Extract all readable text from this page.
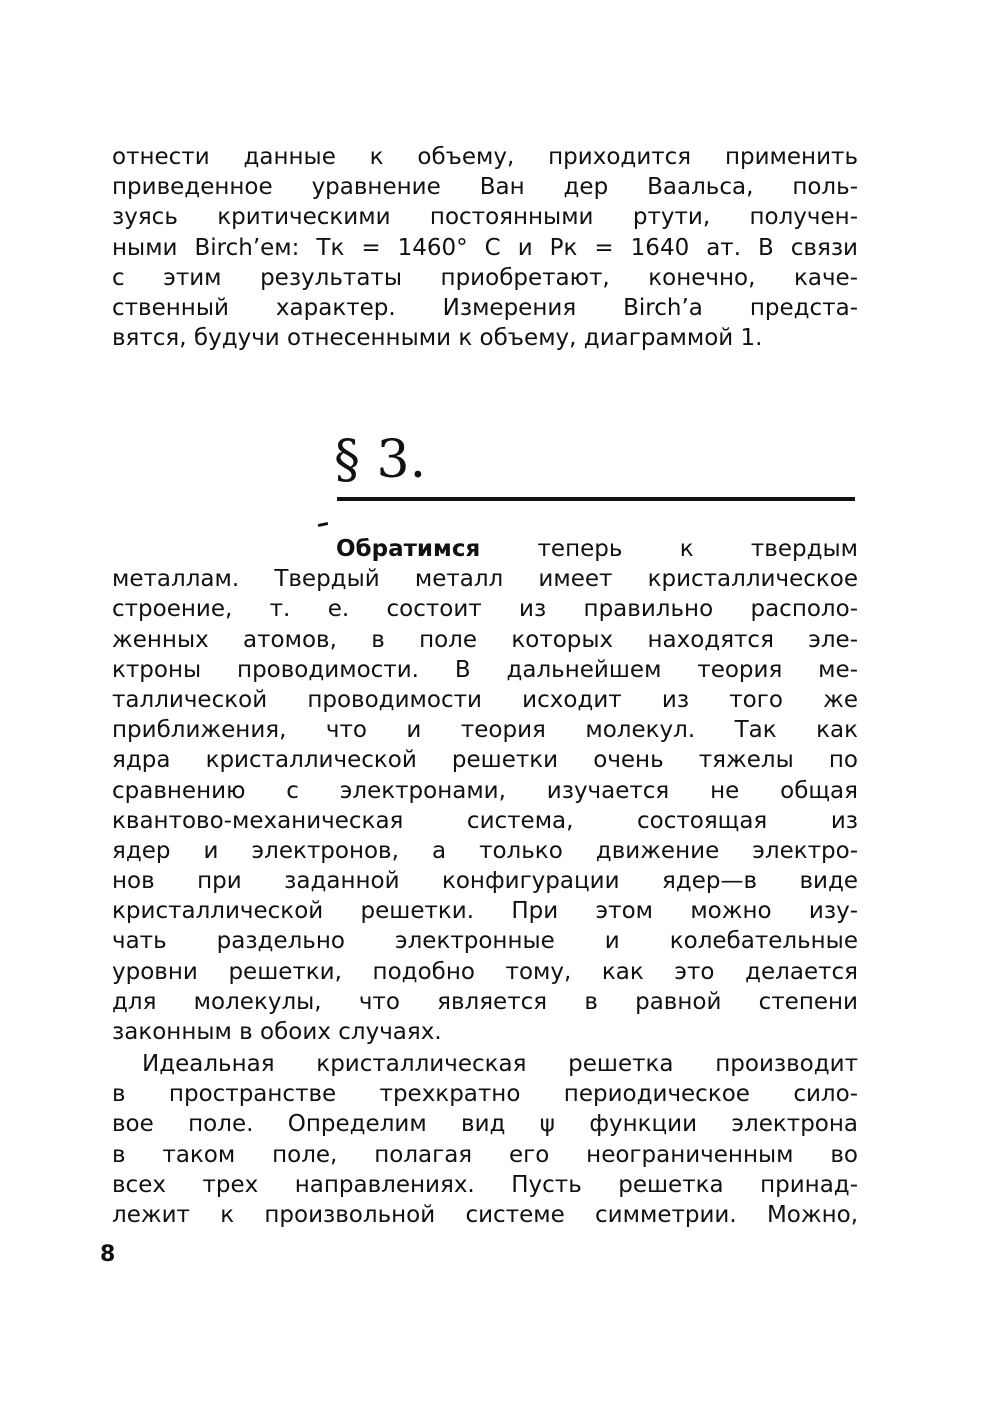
отнести данные к объему, приходится применить
приведенное уравнение Ван дер Ваальса, поль-
зуясь критическими постоянными ртути, получен-
ными Birch’ем: Tк = 1460° С и Pк = 1640 ат. В связи
с этим результаты приобретают, конечно, каче-
ственный характер. Измерения Birch’а предста-
вятся, будучи отнесенными к объему, диаграммой 1.

§ 3.

Обратимся теперь к твердым
металлам. Твердый металл имеет кристаллическое
строение, т. е. состоит из правильно располо-
женных атомов, в поле которых находятся эле-
ктроны проводимости. В дальнейшем теория ме-
таллической проводимости исходит из того же
приближения, что и теория молекул. Так как
ядра кристаллической решетки очень тяжелы по
сравнению с электронами, изучается не общая
квантово-механическая система, состоящая из
ядер и электронов, а только движение электро-
нов при заданной конфигурации ядер—в виде
кристаллической решетки. При этом можно изу-
чать раздельно электронные и колебательные
уровни решетки, подобно тому, как это делается
для молекулы, что является в равной степени
законным в обоих случаях.

Идеальная кристаллическая решетка производит
в пространстве трехкратно периодическое сило-
вое поле. Определим вид ψ функции электрона
в таком поле, полагая его неограниченным во
всех трех направлениях. Пусть решетка принад-
лежит к произвольной системе симметрии. Можно,

8
